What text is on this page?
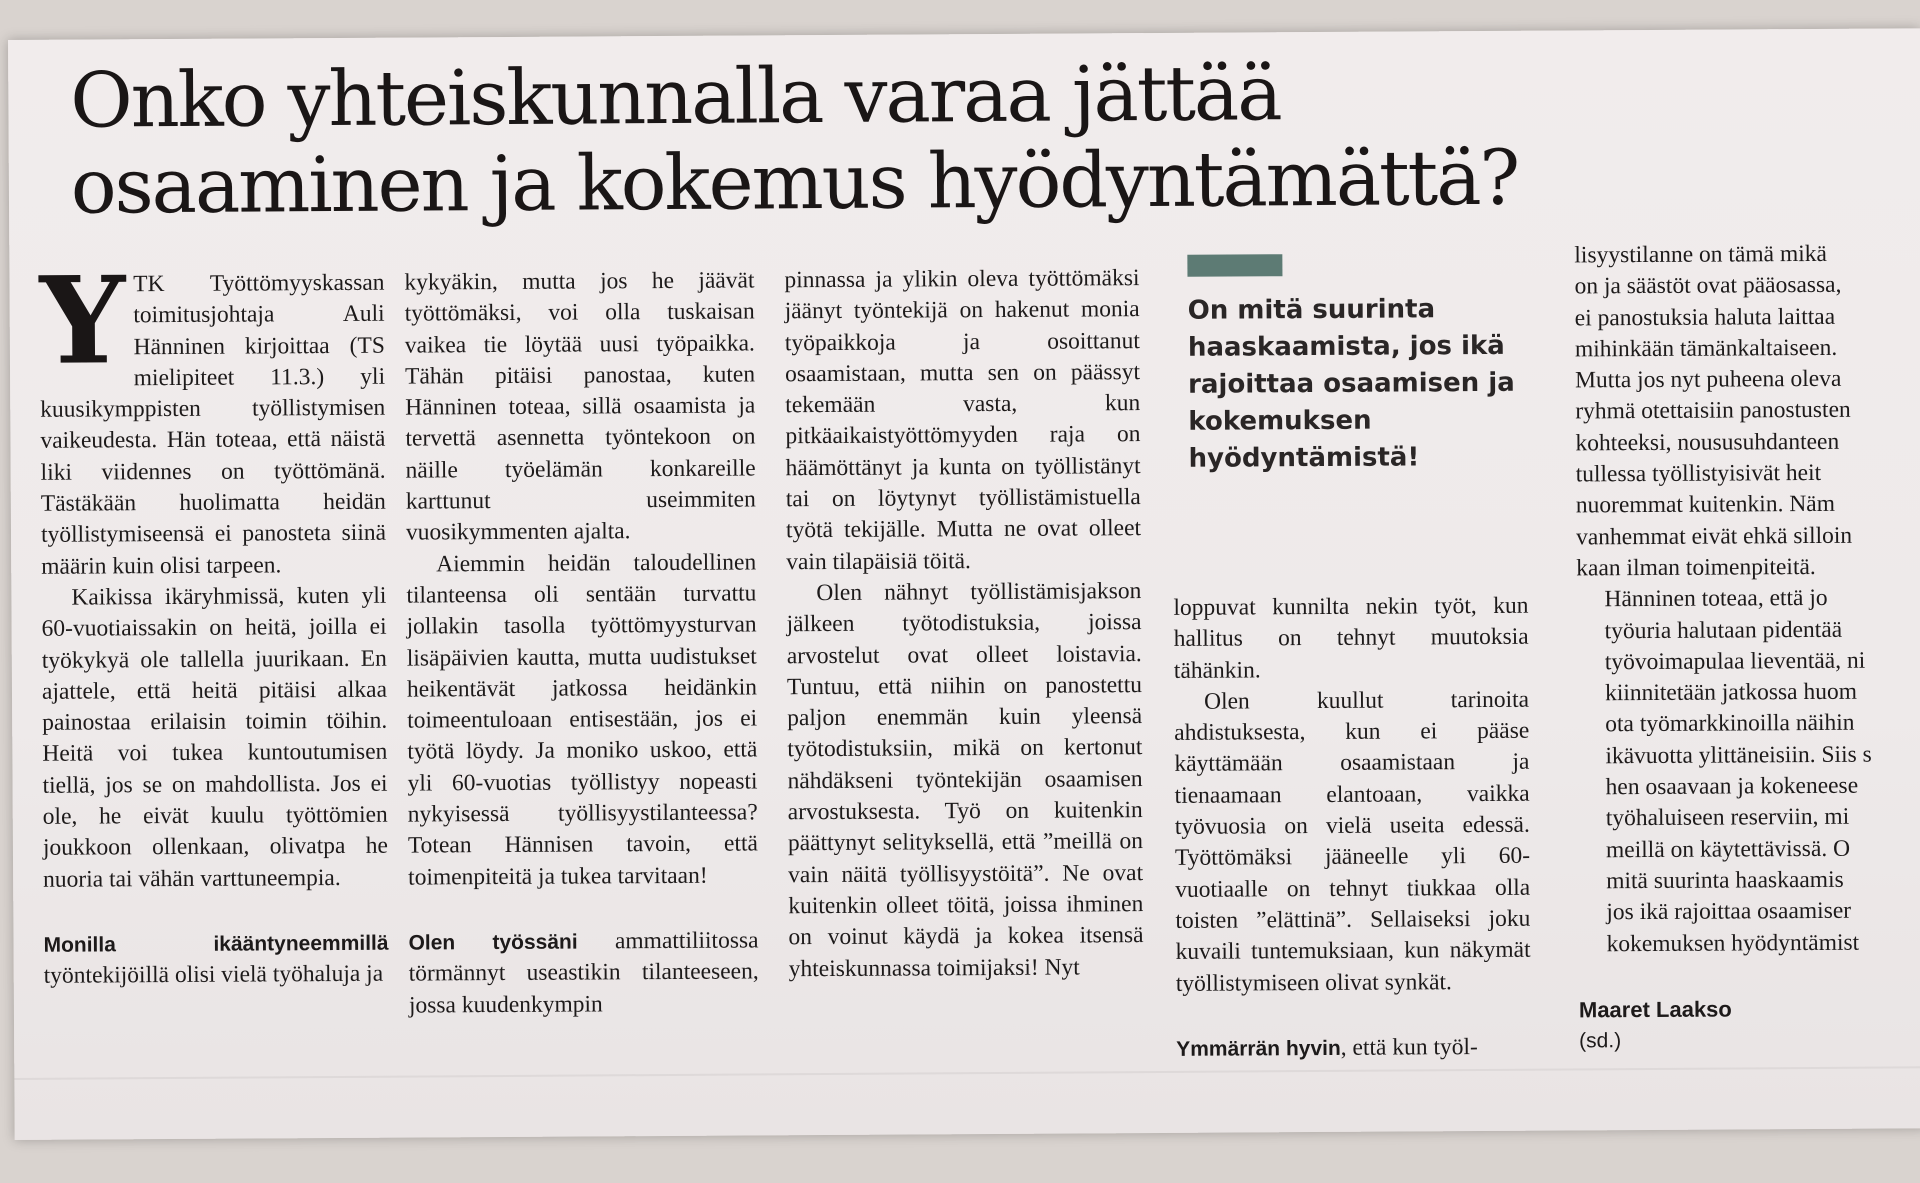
Onko yhteiskunnalla varaa jättää
osaaminen ja kokemus hyödyntämättä?
Y TK Työttömyyskassan toimitusjohtaja Auli Hänninen kirjoittaa (TS mielipiteet 11.3.) yli kuusikymppisten työllistymisen vaikeudesta. Hän toteaa, että näistä liki viidennes on työttömänä. Tästäkään huolimatta heidän työllistymiseensä ei panosteta siinä määrin kuin olisi tarpeen.

Kaikissa ikäryhmissä, kuten yli 60-vuotiaissakin on heitä, joilla ei työkykyä ole tallella juurikaan. En ajattele, että heitä pitäisi alkaa painostaa erilaisin toimin töihin. Heitä voi tukea kuntoutumisen tiellä, jos se on mahdollista. Jos ei ole, he eivät kuulu työttömien joukkoon ollenkaan, olivatpa he nuoria tai vähän varttuneempia.

Monilla ikääntyneemmillä työntekijöillä olisi vielä työhaluja ja

kykyäkin, mutta jos he jäävät työttömäksi, voi olla tuskaisan vaikea tie löytää uusi työpaikka. Tähän pitäisi panostaa, kuten Hänninen toteaa, sillä osaamista ja tervettä asennetta työntekoon on näille työelämän konkareille karttunut useimmiten vuosikymmenten ajalta.

Aiemmin heidän taloudellinen tilanteensa oli sentään turvattu jollakin tasolla työttömyysturvan lisäpäivien kautta, mutta uudistukset heikentävät jatkossa heidänkin toimeentuloaan entisestään, jos ei työtä löydy. Ja moniko uskoo, että yli 60-vuotias työllistyy nopeasti nykyisessä työllisyystilanteessa? Totean Hännisen tavoin, että toimenpiteitä ja tukea tarvitaan!

Olen työssäni ammattiliitossa törmännyt useastikin tilanteeseen, jossa kuudenkympin

pinnassa ja ylikin oleva työttömäksi jäänyt työntekijä on hakenut monia työpaikkoja ja osoittanut osaamistaan, mutta sen on päässyt tekemään vasta, kun pitkäaikaistyöttömyyden raja on häämöttänyt ja kunta on työllistänyt tai on löytynyt työllistämistuella työtä tekijälle. Mutta ne ovat olleet vain tilapäisiä töitä.

Olen nähnyt työllistämisjakson jälkeen työtodistuksia, joissa arvostelut ovat olleet loistavia. Tuntuu, että niihin on panostettu paljon enemmän kuin yleensä työtodistuksiin, mikä on kertonut nähdäkseni työntekijän osaamisen arvostuksesta. Työ on kuitenkin päättynyt selityksellä, että ”meillä on vain näitä työllisyystöitä”. Ne ovat kuitenkin olleet töitä, joissa ihminen on voinut käydä ja kokea itsensä yhteiskunnassa toimijaksi! Nyt

On mitä suurinta haaskaamista, jos ikä rajoittaa osaamisen ja kokemuksen hyödyntämistä!

loppuvat kunnilta nekin työt, kun hallitus on tehnyt muutoksia tähänkin.

Olen kuullut tarinoita ahdistuksesta, kun ei pääse käyttämään osaamistaan ja tienaamaan elantoaan, vaikka työvuosia on vielä useita edessä. Työttömäksi jääneelle yli 60-vuotiaalle on tehnyt tiukkaa olla toisten ”elättinä”. Sellaiseksi joku kuvaili tuntemuksiaan, kun näkymät työllistymiseen olivat synkät.

Ymmärrän hyvin, että kun työl-

lisyystilanne on tämä mikä

on ja säästöt ovat pääosassa,

ei panostuksia haluta laittaa

mihinkään tämänkaltaiseen.

Mutta jos nyt puheena oleva

ryhmä otettaisiin panostusten

kohteeksi, noususuhdanteen

tullessa työllistyisivät heit

nuoremmat kuitenkin. Näm

vanhemmat eivät ehkä silloin

kaan ilman toimenpiteitä.

Hänninen toteaa, että jo

työuria halutaan pidentää

työvoimapulaa lieventää, ni

kiinnitetään jatkossa huom

ota työmarkkinoilla näihin

ikävuotta ylittäneisiin. Siis s

hen osaavaan ja kokeneese

työhaluiseen reserviin, mi

meillä on käytettävissä. O

mitä suurinta haaskaamis

jos ikä rajoittaa osaamiser

kokemuksen hyödyntämist

Maaret Laakso

(sd.)
